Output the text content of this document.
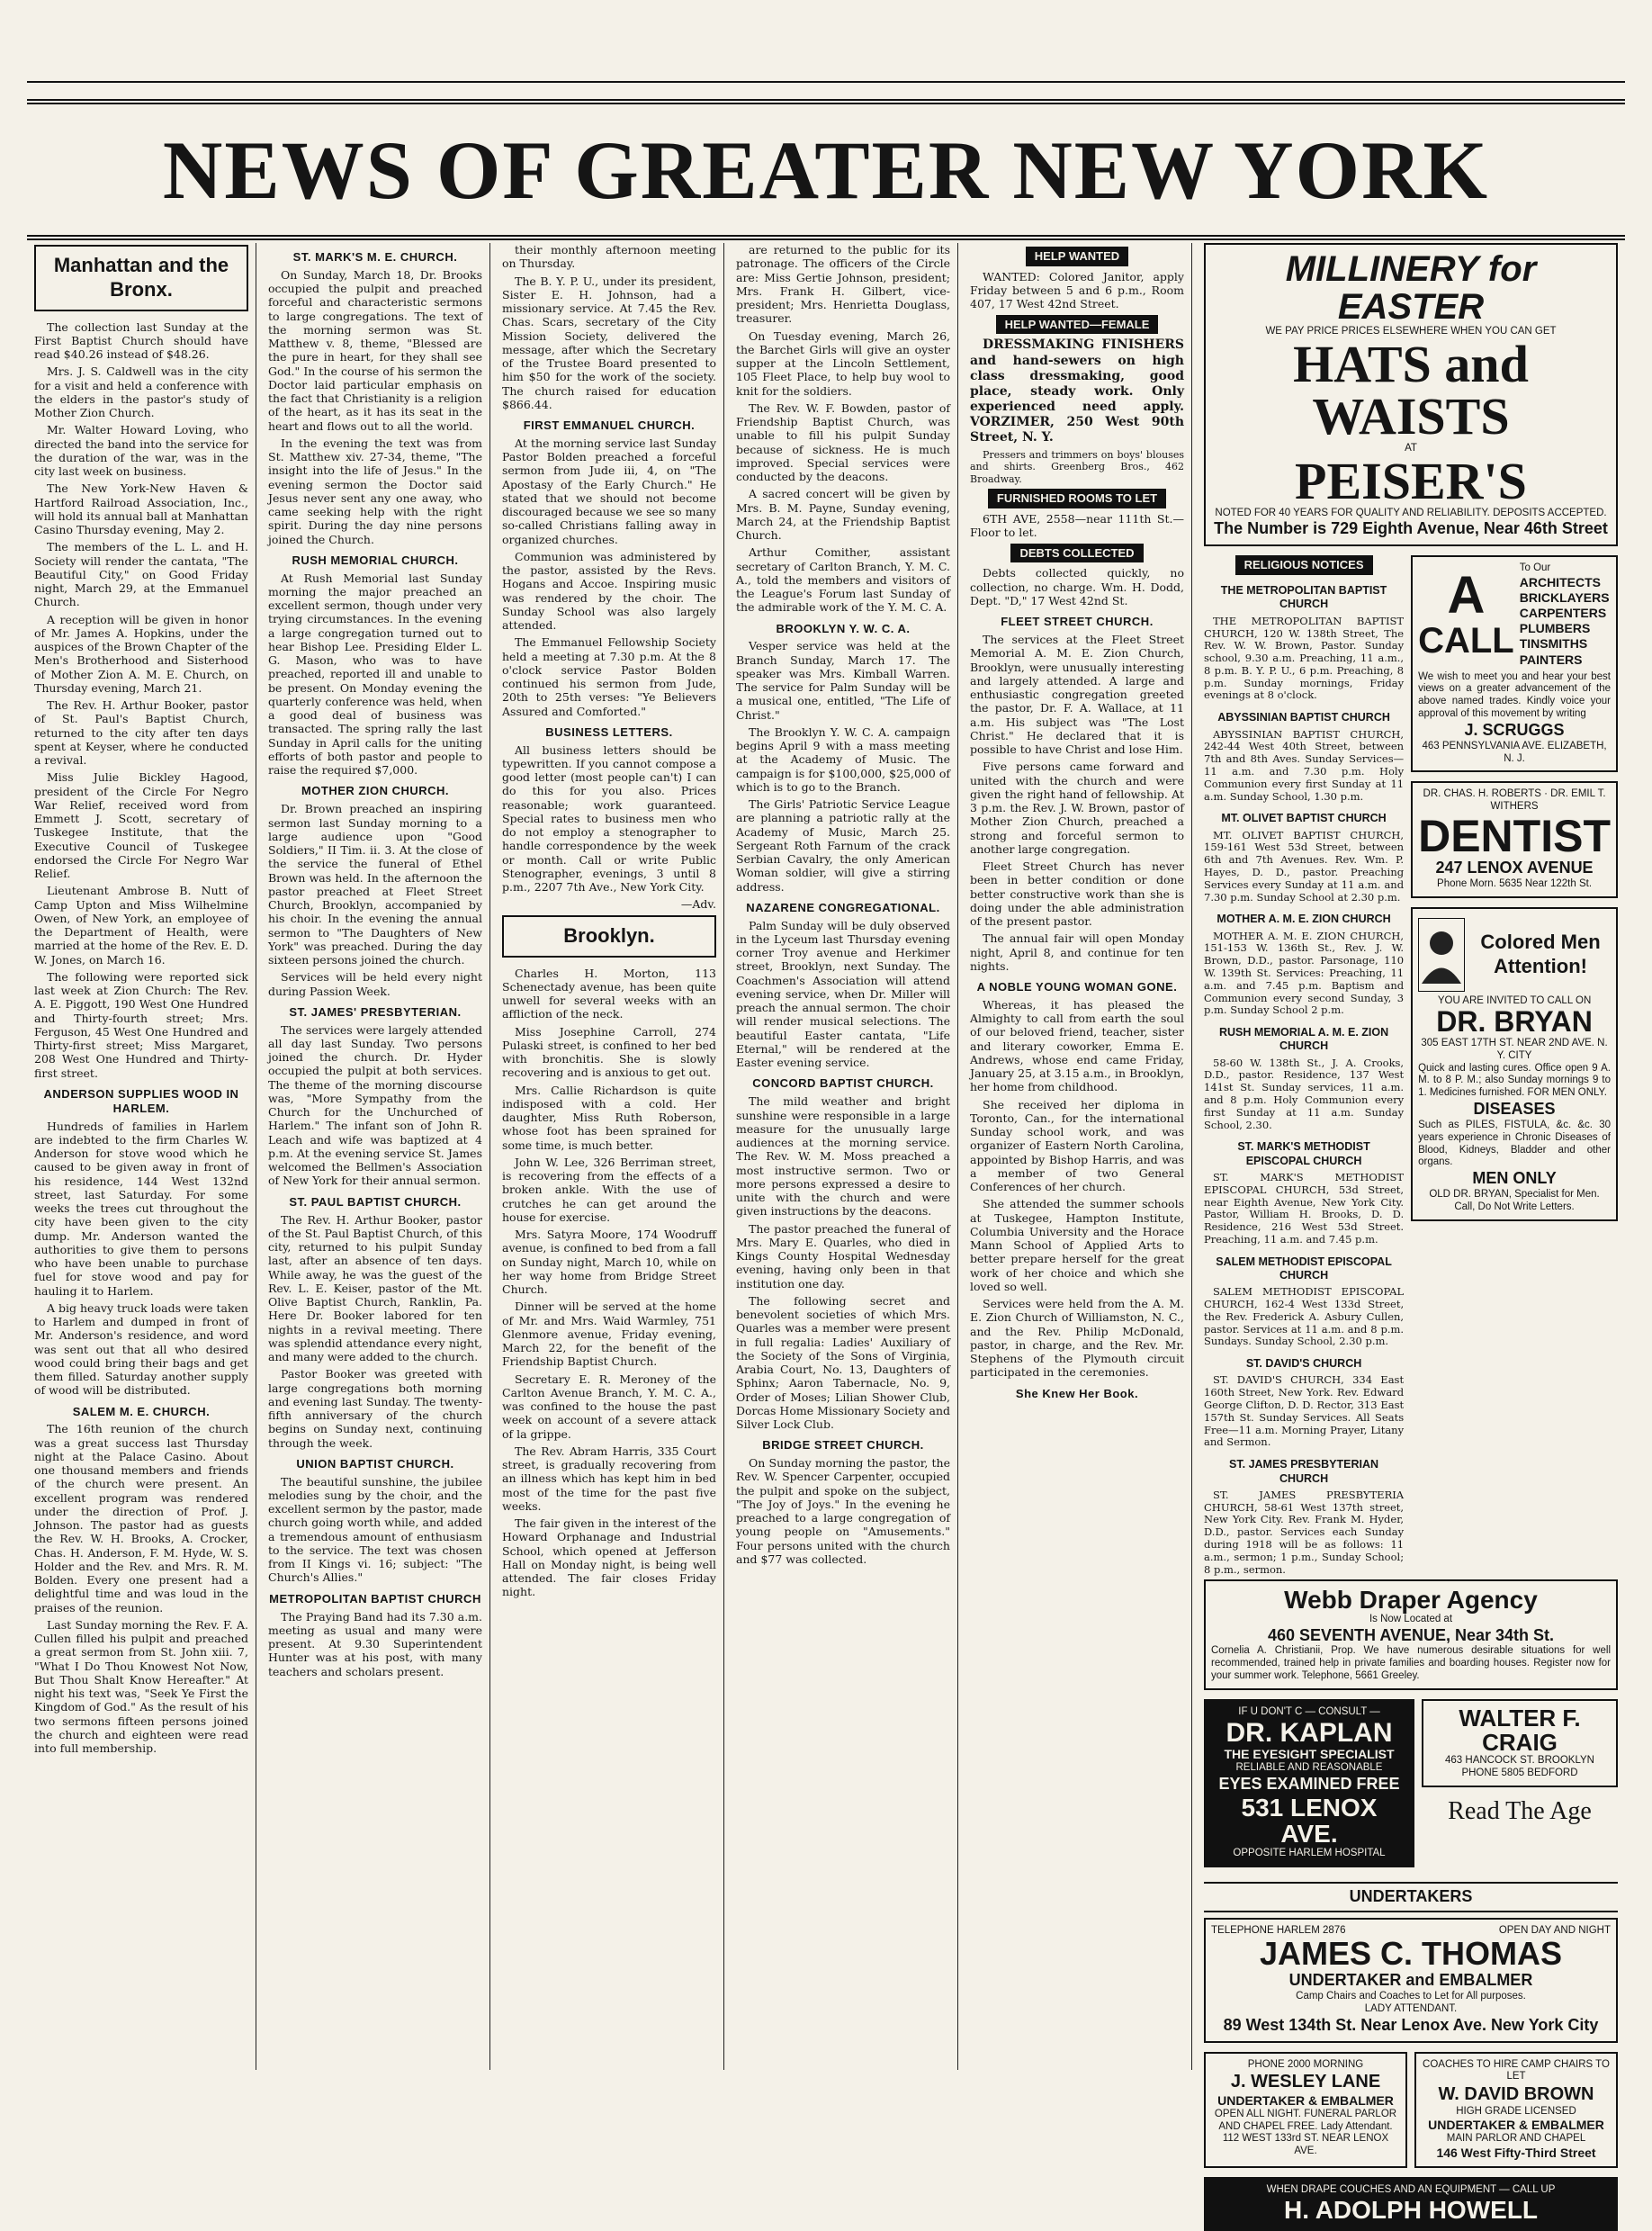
NEWS OF GREATER NEW YORK
Manhattan and the Bronx.

The collection last Sunday at the First Baptist Church should have read $40.26 instead of $48.26.

Mrs. J. S. Caldwell was in the city for a visit and held a conference with the elders in the pastor's study of Mother Zion Church.

Mr. Walter Howard Loving, who directed the band into the service for the duration of the war, was in the city last week on business.

The New York-New Haven & Hartford Railroad Association, Inc., will hold its annual ball at Manhattan Casino Thursday evening, May 2.

The members of the L. L. and H. Society will render the cantata, "The Beautiful City," on Good Friday night, March 29, at the Emmanuel Church.

A reception will be given in honor of Mr. James A. Hopkins, under the auspices of the Brown Chapter of the Men's Brotherhood and Sisterhood of Mother Zion A. M. E. Church, on Thursday evening, March 21.

The Rev. H. Arthur Booker, pastor of St. Paul's Baptist Church, returned to the city after ten days spent at Keyser, where he conducted a revival.

Miss Julie Bickley Hagood, president of the Circle For Negro War Relief, received word from Emmett J. Scott, secretary of Tuskegee Institute, that the Executive Council of Tuskegee endorsed the Circle For Negro War Relief.

Lieutenant Ambrose B. Nutt of Camp Upton and Miss Wilhelmine Owen, of New York, an employee of the Department of Health, were married at the home of the Rev. E. D. W. Jones, on March 16.

The following were reported sick last week at Zion Church: The Rev. A. E. Piggott, 190 West One Hundred and Thirty-fourth street; Mrs. Ferguson, 45 West One Hundred and Thirty-first street; Miss Margaret, 208 West One Hundred and Thirty-first street.

ANDERSON SUPPLIES WOOD IN HARLEM.

Hundreds of families in Harlem are indebted to the firm Charles W. Anderson for stove wood which he caused to be given away in front of his residence, 144 West 132nd street, last Saturday. For some weeks the trees cut throughout the city have been given to the city dump. Mr. Anderson wanted the authorities to give them to persons who have been unable to purchase fuel for stove wood and pay for hauling it to Harlem.

A big heavy truck loads were taken to Harlem and dumped in front of Mr. Anderson's residence, and word was sent out that all who desired wood could bring their bags and get them filled. Saturday another supply of wood will be distributed.

SALEM M. E. CHURCH.

The 16th reunion of the church was a great success last Thursday night at the Palace Casino. About one thousand members and friends of the church were present. An excellent program was rendered under the direction of Prof. J. Johnson. The pastor had as guests the Rev. W. H. Brooks, A. Crocker, Chas. H. Anderson, F. M. Hyde, W. S. Holder and the Rev. and Mrs. R. M. Bolden. Every one present had a delightful time and was loud in the praises of the reunion.

Last Sunday morning the Rev. F. A. Cullen filled his pulpit and preached a great sermon from St. John xiii. 7, "What I Do Thou Knowest Not Now, But Thou Shalt Know Hereafter." At night his text was, "Seek Ye First the Kingdom of God." As the result of his two sermons fifteen persons joined the church and eighteen were read into full membership.

ST. MARK'S M. E. CHURCH.

On Sunday, March 18, Dr. Brooks occupied the pulpit and preached forceful and characteristic sermons to large congregations. The text of the morning sermon was St. Matthew v. 8, theme, "Blessed are the pure in heart, for they shall see God." In the course of his sermon the Doctor laid particular emphasis on the fact that Christianity is a religion of the heart, as it has its seat in the heart and flows out to all the world.

In the evening the text was from St. Matthew xiv. 27-34, theme, "The insight into the life of Jesus." In the evening sermon the Doctor said Jesus never sent any one away, who came seeking help with the right spirit. During the day nine persons joined the Church.

RUSH MEMORIAL CHURCH.

At Rush Memorial last Sunday morning the major preached an excellent sermon, though under very trying circumstances. In the evening a large congregation turned out to hear Bishop Lee. Presiding Elder L. G. Mason, who was to have preached, reported ill and unable to be present. On Monday evening the quarterly conference was held, when a good deal of business was transacted. The spring rally the last Sunday in April calls for the uniting efforts of both pastor and people to raise the required $7,000.

MOTHER ZION CHURCH.

Dr. Brown preached an inspiring sermon last Sunday morning to a large audience upon "Good Soldiers," II Tim. ii. 3. At the close of the service the funeral of Ethel Brown was held. In the afternoon the pastor preached at Fleet Street Church, Brooklyn, accompanied by his choir. In the evening the annual sermon to "The Daughters of New York" was preached. During the day sixteen persons joined the church.

Services will be held every night during Passion Week.

ST. JAMES' PRESBYTERIAN.

The services were largely attended all day last Sunday. Two persons joined the church. Dr. Hyder occupied the pulpit at both services. The theme of the morning discourse was, "More Sympathy from the Church for the Unchurched of Harlem." The infant son of John R. Leach and wife was baptized at 4 p.m. At the evening service St. James welcomed the Bellmen's Association of New York for their annual sermon.

ST. PAUL BAPTIST CHURCH.

The Rev. H. Arthur Booker, pastor of the St. Paul Baptist Church, of this city, returned to his pulpit Sunday last, after an absence of ten days. While away, he was the guest of the Rev. L. E. Keiser, pastor of the Mt. Olive Baptist Church, Ranklin, Pa. Here Dr. Booker labored for ten nights in a revival meeting. There was splendid attendance every night, and many were added to the church.

Pastor Booker was greeted with large congregations both morning and evening last Sunday. The twenty-fifth anniversary of the church begins on Sunday next, continuing through the week.

UNION BAPTIST CHURCH.

The beautiful sunshine, the jubilee melodies sung by the choir, and the excellent sermon by the pastor, made church going worth while, and added a tremendous amount of enthusiasm to the service. The text was chosen from II Kings vi. 16; subject: "The Church's Allies."

METROPOLITAN BAPTIST CHURCH

The Praying Band had its 7.30 a.m. meeting as usual and many were present. At 9.30 Superintendent Hunter was at his post, with many teachers and scholars present.

their monthly afternoon meeting on Thursday.

The B. Y. P. U., under its president, Sister E. H. Johnson, had a missionary service. At 7.45 the Rev. Chas. Scars, secretary of the City Mission Society, delivered the message, after which the Secretary of the Trustee Board presented to him $50 for the work of the society. The church raised for education $866.44.

FIRST EMMANUEL CHURCH.

At the morning service last Sunday Pastor Bolden preached a forceful sermon from Jude iii, 4, on "The Apostasy of the Early Church." He stated that we should not become discouraged because we see so many so-called Christians falling away in organized churches.

Communion was administered by the pastor, assisted by the Revs. Hogans and Accoe. Inspiring music was rendered by the choir. The Sunday School was also largely attended.

The Emmanuel Fellowship Society held a meeting at 7.30 p.m. At the 8 o'clock service Pastor Bolden continued his sermon from Jude, 20th to 25th verses: "Ye Believers Assured and Comforted."

BUSINESS LETTERS.

All business letters should be typewritten. If you cannot compose a good letter (most people can't) I can do this for you also. Prices reasonable; work guaranteed. Special rates to business men who do not employ a stenographer to handle correspondence by the week or month. Call or write Public Stenographer, evenings, 3 until 8 p.m., 2207 7th Ave., New York City.

—Adv.

Brooklyn.

Charles H. Morton, 113 Schenectady avenue, has been quite unwell for several weeks with an affliction of the neck.

Miss Josephine Carroll, 274 Pulaski street, is confined to her bed with bronchitis. She is slowly recovering and is anxious to get out.

Mrs. Callie Richardson is quite indisposed with a cold. Her daughter, Miss Ruth Roberson, whose foot has been sprained for some time, is much better.

John W. Lee, 326 Berriman street, is recovering from the effects of a broken ankle. With the use of crutches he can get around the house for exercise.

Mrs. Satyra Moore, 174 Woodruff avenue, is confined to bed from a fall on Sunday night, March 10, while on her way home from Bridge Street Church.

Dinner will be served at the home of Mr. and Mrs. Waid Warmley, 751 Glenmore avenue, Friday evening, March 22, for the benefit of the Friendship Baptist Church.

Secretary E. R. Meroney of the Carlton Avenue Branch, Y. M. C. A., was confined to the house the past week on account of a severe attack of la grippe.

The Rev. Abram Harris, 335 Court street, is gradually recovering from an illness which has kept him in bed most of the time for the past five weeks.

The fair given in the interest of the Howard Orphanage and Industrial School, which opened at Jefferson Hall on Monday night, is being well attended. The fair closes Friday night.

are returned to the public for its patronage. The officers of the Circle are: Miss Gertie Johnson, president; Mrs. Frank H. Gilbert, vice-president; Mrs. Henrietta Douglass, treasurer.

On Tuesday evening, March 26, the Barchet Girls will give an oyster supper at the Lincoln Settlement, 105 Fleet Place, to help buy wool to knit for the soldiers.

The Rev. W. F. Bowden, pastor of Friendship Baptist Church, was unable to fill his pulpit Sunday because of sickness. He is much improved. Special services were conducted by the deacons.

A sacred concert will be given by Mrs. B. M. Payne, Sunday evening, March 24, at the Friendship Baptist Church.

Arthur Comither, assistant secretary of Carlton Branch, Y. M. C. A., told the members and visitors of the League's Forum last Sunday of the admirable work of the Y. M. C. A.

BROOKLYN Y. W. C. A.

Vesper service was held at the Branch Sunday, March 17. The speaker was Mrs. Kimball Warren. The service for Palm Sunday will be a musical one, entitled, "The Life of Christ."

The Brooklyn Y. W. C. A. campaign begins April 9 with a mass meeting at the Academy of Music. The campaign is for $100,000, $25,000 of which is to go to the Branch.

The Girls' Patriotic Service League are planning a patriotic rally at the Academy of Music, March 25. Sergeant Roth Farnum of the crack Serbian Cavalry, the only American Woman soldier, will give a stirring address.

NAZARENE CONGREGATIONAL.

Palm Sunday will be duly observed in the Lyceum last Thursday evening corner Troy avenue and Herkimer street, Brooklyn, next Sunday. The Coachmen's Association will attend evening service, when Dr. Miller will preach the annual sermon. The choir will render musical selections. The beautiful Easter cantata, "Life Eternal," will be rendered at the Easter evening service.

CONCORD BAPTIST CHURCH.

The mild weather and bright sunshine were responsible in a large measure for the unusually large audiences at the morning service. The Rev. W. M. Moss preached a most instructive sermon. Two or more persons expressed a desire to unite with the church and were given instructions by the deacons.

The pastor preached the funeral of Mrs. Mary E. Quarles, who died in Kings County Hospital Wednesday evening, having only been in that institution one day.

The following secret and benevolent societies of which Mrs. Quarles was a member were present in full regalia: Ladies' Auxiliary of the Society of the Sons of Virginia, Arabia Court, No. 13, Daughters of Sphinx; Aaron Tabernacle, No. 9, Order of Moses; Lilian Shower Club, Dorcas Home Missionary Society and Silver Lock Club.

BRIDGE STREET CHURCH.

On Sunday morning the pastor, the Rev. W. Spencer Carpenter, occupied the pulpit and spoke on the subject, "The Joy of Joys." In the evening he preached to a large congregation of young people on "Amusements." Four persons united with the church and $77 was collected.

HELP WANTED

WANTED: Colored Janitor, apply Friday between 5 and 6 p.m., Room 407, 17 West 42nd Street.

HELP WANTED—FEMALE

DRESSMAKING FINISHERS and hand-sewers on high class dressmaking, good place, steady work. Only experienced need apply. VORZIMER, 250 West 90th Street, N. Y.

Pressers and trimmers on boys' blouses and shirts. Greenberg Bros., 462 Broadway.

FURNISHED ROOMS TO LET

6TH AVE, 2558—near 111th St.—Floor to let.

DEBTS COLLECTED

Debts collected quickly, no collection, no charge. Wm. H. Dodd, Dept. "D," 17 West 42nd St.

FLEET STREET CHURCH.

The services at the Fleet Street Memorial A. M. E. Zion Church, Brooklyn, were unusually interesting and largely attended. A large and enthusiastic congregation greeted the pastor, Dr. F. A. Wallace, at 11 a.m. His subject was "The Lost Christ." He declared that it is possible to have Christ and lose Him.

Five persons came forward and united with the church and were given the right hand of fellowship. At 3 p.m. the Rev. J. W. Brown, pastor of Mother Zion Church, preached a strong and forceful sermon to another large congregation.

Fleet Street Church has never been in better condition or done better constructive work than she is doing under the able administration of the present pastor.

The annual fair will open Monday night, April 8, and continue for ten nights.

A NOBLE YOUNG WOMAN GONE.

Whereas, it has pleased the Almighty to call from earth the soul of our beloved friend, teacher, sister and literary coworker, Emma E. Andrews, whose end came Friday, January 25, at 3.15 a.m., in Brooklyn, her home from childhood.

She received her diploma in Toronto, Can., for the international Sunday school work, and was organizer of Eastern North Carolina, appointed by Bishop Harris, and was a member of two General Conferences of her church.

She attended the summer schools at Tuskegee, Hampton Institute, Columbia University and the Horace Mann School of Applied Arts to better prepare herself for the great work of her choice and which she loved so well.

Services were held from the A. M. E. Zion Church of Williamston, N. C., and the Rev. Philip McDonald, pastor, in charge, and the Rev. Mr. Stephens of the Plymouth circuit participated in the ceremonies.

She Knew Her Book.
MILLINERY for EASTER
WE PAY PRICE PRICES ELSEWHERE WHEN YOU CAN GET
HATS and WAISTS
AT
PEISER'S
NOTED FOR 40 YEARS FOR QUALITY AND RELIABILITY. DEPOSITS ACCEPTED.
The Number is 729 Eighth Avenue, Near 46th Street
RELIGIOUS NOTICES
THE METROPOLITAN BAPTIST CHURCH

THE METROPOLITAN BAPTIST CHURCH, 120 W. 138th Street, The Rev. W. W. Brown, Pastor. Sunday school, 9.30 a.m. Preaching, 11 a.m., 8 p.m. B. Y. P. U., 6 p.m. Preaching, 8 p.m. Sunday mornings, Friday evenings at 8 o'clock.

ABYSSINIAN BAPTIST CHURCH

ABYSSINIAN BAPTIST CHURCH, 242-44 West 40th Street, between 7th and 8th Aves. Sunday Services—11 a.m. and 7.30 p.m. Holy Communion every first Sunday at 11 a.m. Sunday School, 1.30 p.m.

MT. OLIVET BAPTIST CHURCH

MT. OLIVET BAPTIST CHURCH, 159-161 West 53d Street, between 6th and 7th Avenues. Rev. Wm. P. Hayes, D. D., pastor. Preaching Services every Sunday at 11 a.m. and 7.30 p.m. Sunday School at 2.30 p.m.

MOTHER A. M. E. ZION CHURCH

MOTHER A. M. E. ZION CHURCH, 151-153 W. 136th St., Rev. J. W. Brown, D.D., pastor. Parsonage, 110 W. 139th St. Services: Preaching, 11 a.m. and 7.45 p.m. Baptism and Communion every second Sunday, 3 p.m. Sunday School 2 p.m.

RUSH MEMORIAL A. M. E. ZION CHURCH

58-60 W. 138th St., J. A. Crooks, D.D., pastor. Residence, 137 West 141st St. Sunday services, 11 a.m. and 8 p.m. Holy Communion every first Sunday at 11 a.m. Sunday School, 2.30.

ST. MARK'S METHODIST EPISCOPAL CHURCH

ST. MARK'S METHODIST EPISCOPAL CHURCH, 53d Street, near Eighth Avenue, New York City. Pastor, William H. Brooks, D. D. Residence, 216 West 53d Street. Preaching, 11 a.m. and 7.45 p.m.

SALEM METHODIST EPISCOPAL CHURCH

SALEM METHODIST EPISCOPAL CHURCH, 162-4 West 133d Street, the Rev. Frederick A. Asbury Cullen, pastor. Services at 11 a.m. and 8 p.m. Sundays. Sunday School, 2.30 p.m.

ST. DAVID'S CHURCH

ST. DAVID'S CHURCH, 334 East 160th Street, New York. Rev. Edward George Clifton, D. D. Rector, 313 East 157th St. Sunday Services. All Seats Free—11 a.m. Morning Prayer, Litany and Sermon.

ST. JAMES PRESBYTERIAN CHURCH

ST. JAMES PRESBYTERIA CHURCH, 58-61 West 137th street, New York City. Rev. Frank M. Hyder, D.D., pastor. Services each Sunday during 1918 will be as follows: 11 a.m., sermon; 1 p.m., Sunday School; 8 p.m., sermon.

A
CALL
To Our
ARCHITECTS BRICKLAYERS CARPENTERS PLUMBERS TINSMITHS PAINTERS
We wish to meet you and hear your best views on a greater advancement of the above named trades. Kindly voice your approval of this movement by writing
J. SCRUGGS
463 PENNSYLVANIA AVE. ELIZABETH, N. J.
DR. CHAS. H. ROBERTS · DR. EMIL T. WITHERS
DENTIST
247 LENOX AVENUE
Phone Morn. 5635 Near 122th St.
Colored Men Attention!
YOU ARE INVITED TO CALL ON
DR. BRYAN
305 EAST 17TH ST. NEAR 2ND AVE. N. Y. CITY
Quick and lasting cures. Office open 9 A. M. to 8 P. M.; also Sunday mornings 9 to 1. Medicines furnished. FOR MEN ONLY.
DISEASES
Such as PILES, FISTULA, &c. &c. 30 years experience in Chronic Diseases of Blood, Kidneys, Bladder and other organs.
MEN ONLY
OLD DR. BRYAN, Specialist for Men. Call, Do Not Write Letters.
Webb Draper Agency
Is Now Located at
460 SEVENTH AVENUE, Near 34th St.
Cornelia A. Christianii, Prop. We have numerous desirable situations for well recommended, trained help in private families and boarding houses. Register now for your summer work. Telephone, 5661 Greeley.
IF U DON'T C — CONSULT —
DR. KAPLAN
THE EYESIGHT SPECIALIST
RELIABLE AND REASONABLE
EYES EXAMINED FREE
531 LENOX AVE.
OPPOSITE HARLEM HOSPITAL
WALTER F. CRAIG
463 HANCOCK ST. BROOKLYN
PHONE 5805 BEDFORD
Read The Age
UNDERTAKERS
TELEPHONE HARLEM 2876	OPEN DAY AND NIGHT
JAMES C. THOMAS
UNDERTAKER and EMBALMER
Camp Chairs and Coaches to Let for All purposes.
LADY ATTENDANT.
89 West 134th St. Near Lenox Ave. New York City
PHONE 2000 MORNING
J. WESLEY LANE
UNDERTAKER & EMBALMER
OPEN ALL NIGHT. FUNERAL PARLOR AND CHAPEL FREE. Lady Attendant.
112 WEST 133rd ST. NEAR LENOX AVE.
COACHES TO HIRE CAMP CHAIRS TO LET
W. DAVID BROWN
HIGH GRADE LICENSED
UNDERTAKER & EMBALMER
MAIN PARLOR AND CHAPEL
146 West Fifty-Third Street
WHEN DRAPE COUCHES AND AN EQUIPMENT — CALL UP
H. ADOLPH HOWELL
